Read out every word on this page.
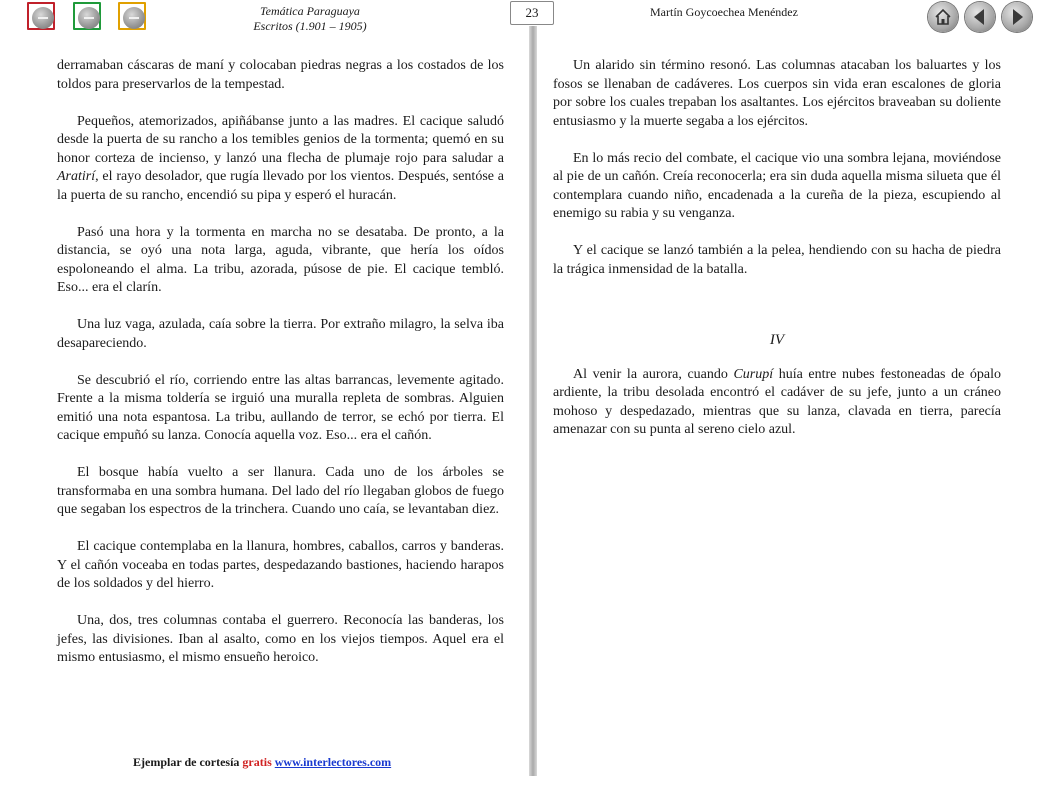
Temática Paraguaya
Escritos (1.901 – 1905)
23	Martín Goycoechea Menéndez

derramaban cáscaras de maní y colocaban piedras negras a los costados de los toldos para preservarlos de la tempestad.

Pequeños, atemorizados, apiñábanse junto a las madres. El cacique saludó desde la puerta de su rancho a los temibles genios de la tormenta; quemó en su honor corteza de incienso, y lanzó una flecha de plumaje rojo para saludar a Aratirí, el rayo desolador, que rugía llevado por los vientos. Después, sentóse a la puerta de su rancho, encendió su pipa y esperó el huracán.

Pasó una hora y la tormenta en marcha no se desataba. De pronto, a la distancia, se oyó una nota larga, aguda, vibrante, que hería los oídos espoloneando el alma. La tribu, azorada, púsose de pie. El cacique tembló. Eso... era el clarín.

Una luz vaga, azulada, caía sobre la tierra. Por extraño milagro, la selva iba desapareciendo.

Se descubrió el río, corriendo entre las altas barrancas, levemente agitado. Frente a la misma toldería se irguió una muralla repleta de sombras. Alguien emitió una nota espantosa. La tribu, aullando de terror, se echó por tierra. El cacique empuñó su lanza. Conocía aquella voz. Eso... era el cañón.

El bosque había vuelto a ser llanura. Cada uno de los árboles se transformaba en una sombra humana. Del lado del río llegaban globos de fuego que segaban los espectros de la trinchera. Cuando uno caía, se levantaban diez.

El cacique contemplaba en la llanura, hombres, caballos, carros y banderas. Y el cañón voceaba en todas partes, despedazando bastiones, haciendo harapos de los soldados y del hierro.

Una, dos, tres columnas contaba el guerrero. Reconocía las banderas, los jefes, las divisiones. Iban al asalto, como en los viejos tiempos. Aquel era el mismo entusiasmo, el mismo ensueño heroico.

Un alarido sin término resonó. Las columnas atacaban los baluartes y los fosos se llenaban de cadáveres. Los cuerpos sin vida eran escalones de gloria por sobre los cuales trepaban los asaltantes. Los ejércitos braveaban su doliente entusiasmo y la muerte segaba a los ejércitos.

En lo más recio del combate, el cacique vio una sombra lejana, moviéndose al pie de un cañón. Creía reconocerla; era sin duda aquella misma silueta que él contemplara cuando niño, encadenada a la cureña de la pieza, escupiendo al enemigo su rabia y su venganza.

Y el cacique se lanzó también a la pelea, hendiendo con su hacha de piedra la trágica inmensidad de la batalla.

IV

Al venir la aurora, cuando Curupí huía entre nubes festoneadas de ópalo ardiente, la tribu desolada encontró el cadáver de su jefe, junto a un cráneo mohoso y despedazado, mientras que su lanza, clavada en tierra, parecía amenazar con su punta al sereno cielo azul.

Ejemplar de cortesía gratis www.interlectores.com
